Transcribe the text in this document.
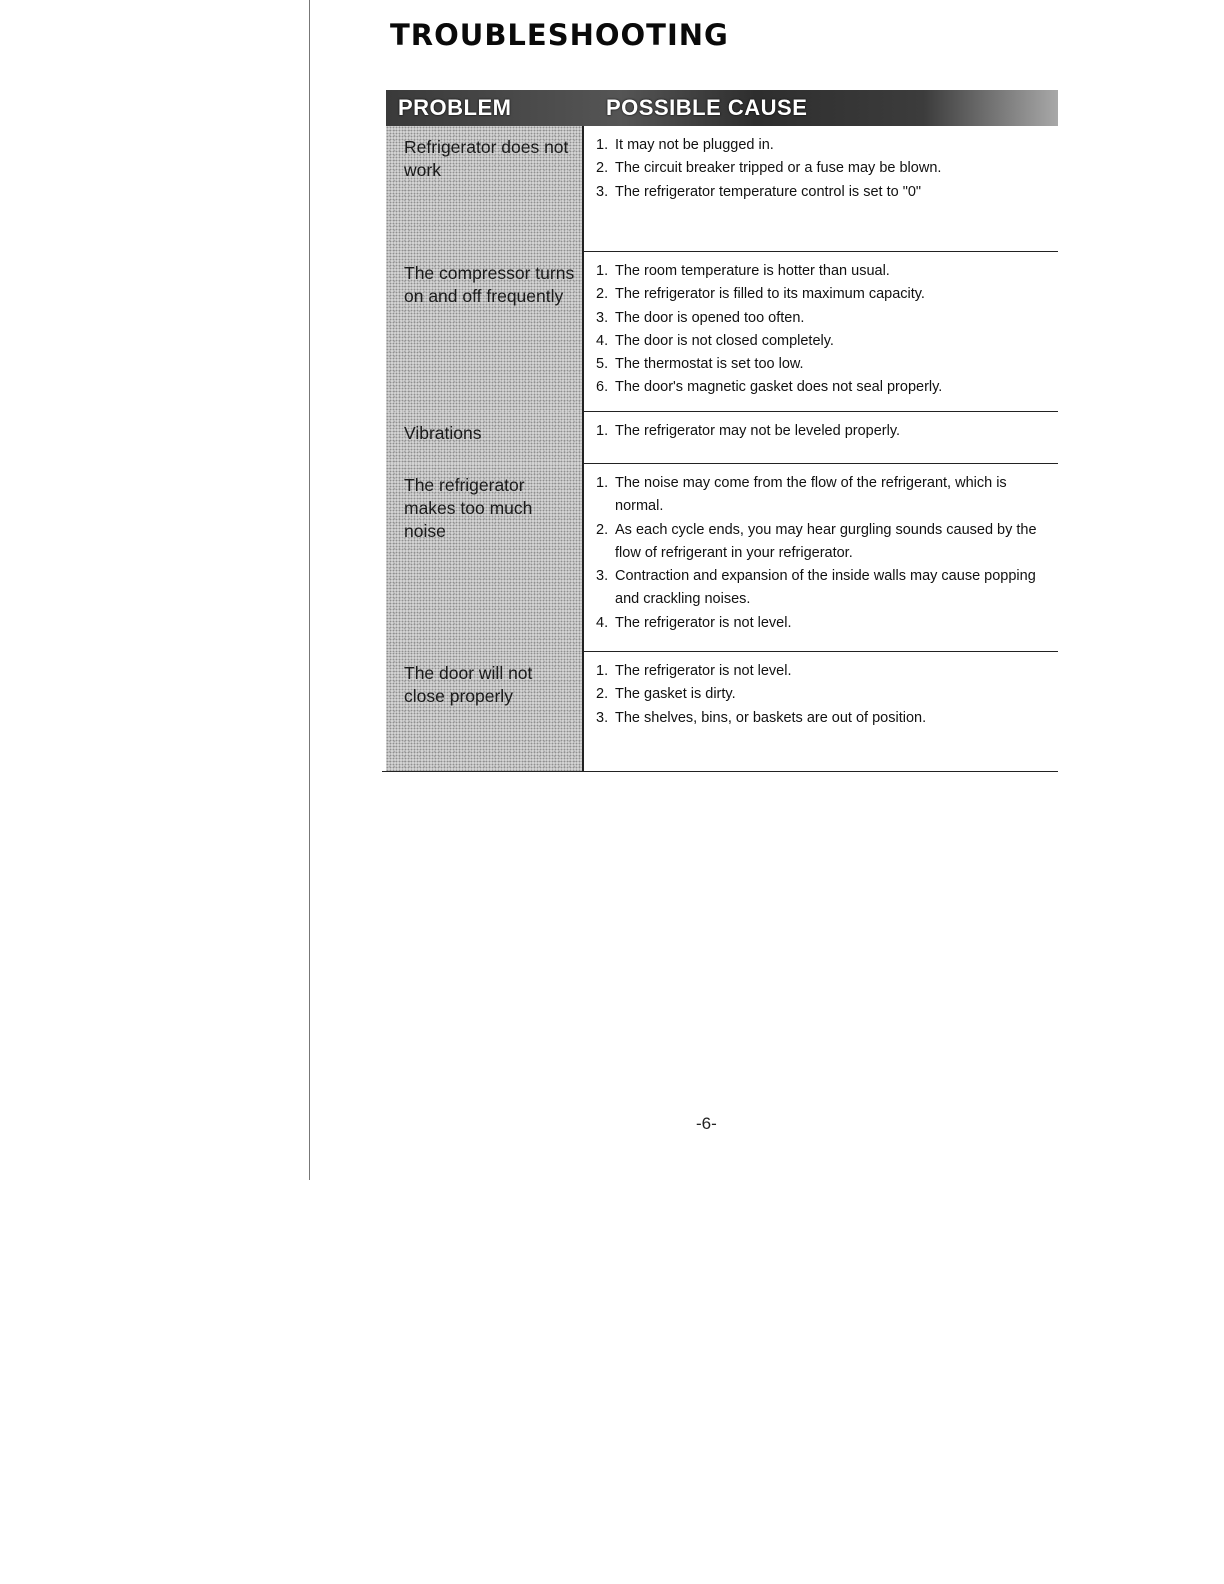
TROUBLESHOOTING
PROBLEM	POSSIBLE CAUSE
Refrigerator does not work
1. It may not be plugged in.
2. The circuit breaker tripped or a fuse may be blown.
3. The refrigerator temperature control is set to "0"
The compressor turns on and off frequently
1. The room temperature is hotter than usual.
2. The refrigerator is filled to its maximum capacity.
3. The door is opened too often.
4. The door is not closed completely.
5. The thermostat is set too low.
6. The door's magnetic gasket does not seal properly.
Vibrations	1. The refrigerator may not be leveled properly.
The refrigerator makes too much noise
1. The noise may come from the flow of the refrigerant, which is normal.
2. As each cycle ends, you may hear gurgling sounds caused by the flow of refrigerant in your refrigerator.
3. Contraction and expansion of the inside walls may cause popping and crackling noises.
4. The refrigerator is not level.
The door will not close properly
1. The refrigerator is not level.
2. The gasket is dirty.
3. The shelves, bins, or baskets are out of position.
-6-
